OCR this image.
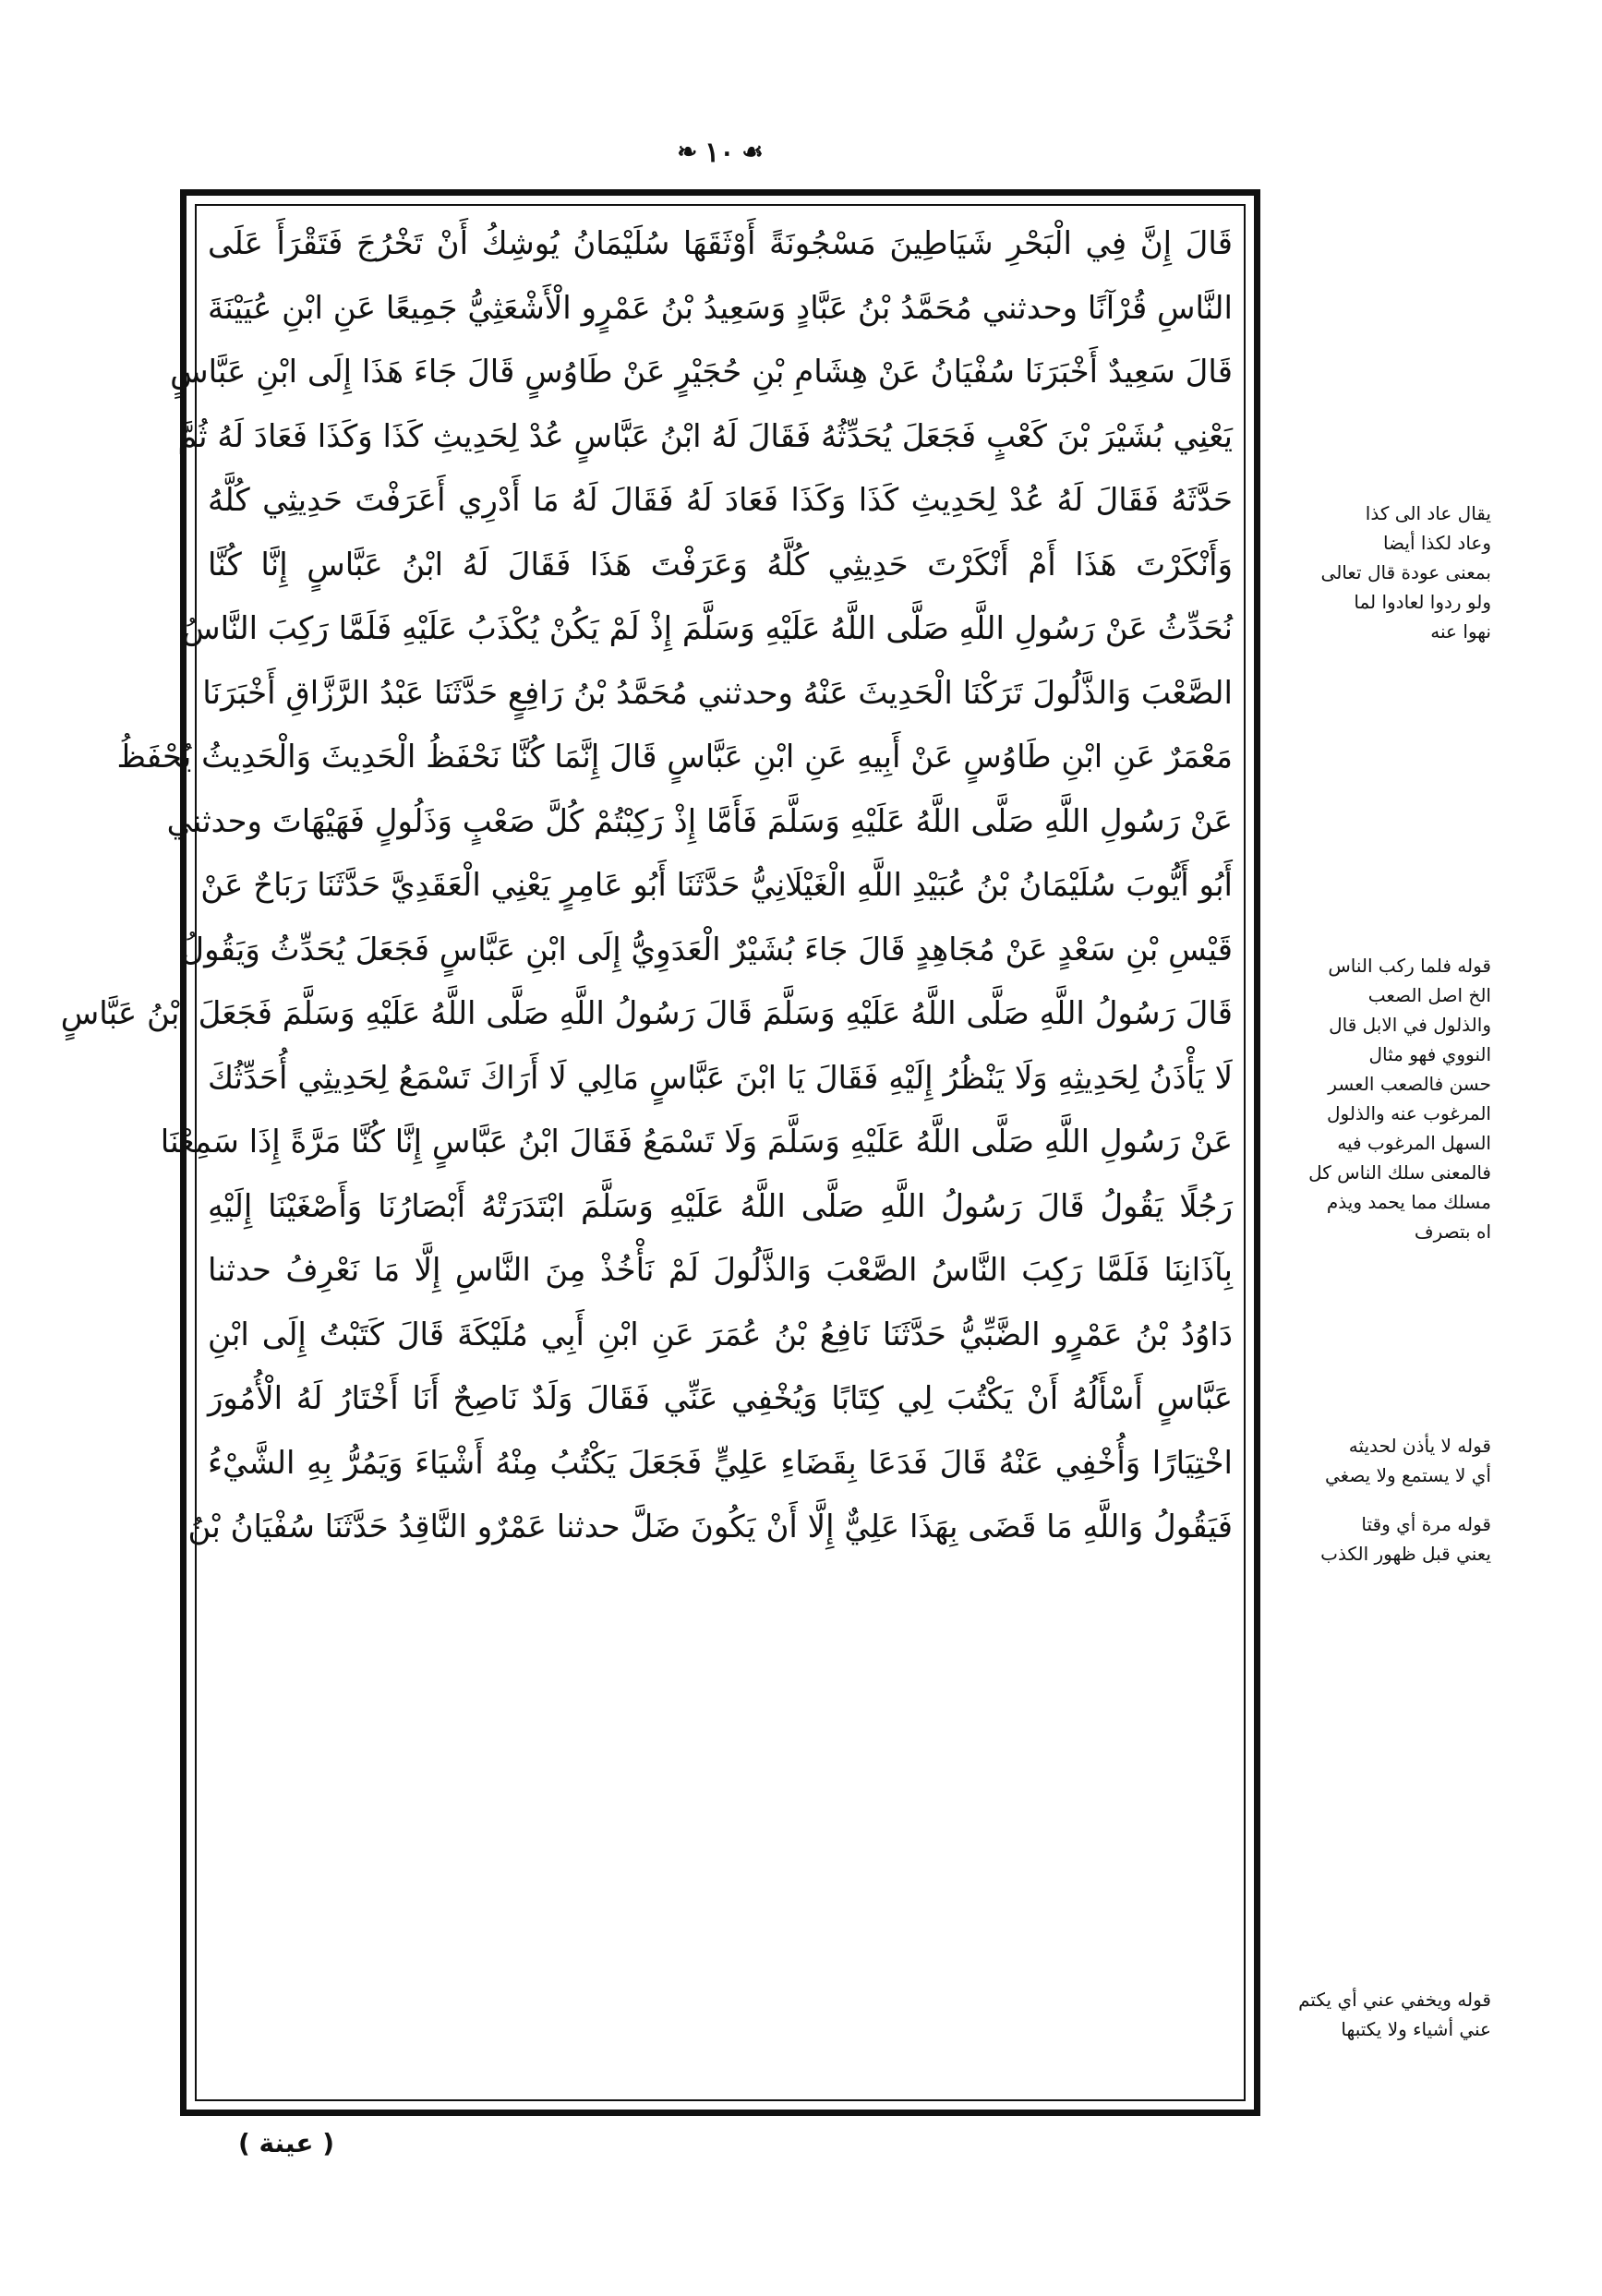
❧ ١٠ ☙
قَالَ إِنَّ فِي الْبَحْرِ شَيَاطِينَ مَسْجُونَةً أَوْثَقَهَا سُلَيْمَانُ يُوشِكُ أَنْ تَخْرُجَ فَتَقْرَأَ عَلَى
النَّاسِ قُرْآنًا وحدثني مُحَمَّدُ بْنُ عَبَّادٍ وَسَعِيدُ بْنُ عَمْرٍو الْأَشْعَثِيُّ جَمِيعًا عَنِ ابْنِ عُيَيْنَةَ
قَالَ سَعِيدٌ أَخْبَرَنَا سُفْيَانُ عَنْ هِشَامِ بْنِ حُجَيْرٍ عَنْ طَاوُسٍ قَالَ جَاءَ هَذَا إِلَى ابْنِ عَبَّاسٍ
يَعْنِي بُشَيْرَ بْنَ كَعْبٍ فَجَعَلَ يُحَدِّثُهُ فَقَالَ لَهُ ابْنُ عَبَّاسٍ عُدْ لِحَدِيثِ كَذَا وَكَذَا فَعَادَ لَهُ ثُمَّ
حَدَّثَهُ فَقَالَ لَهُ عُدْ لِحَدِيثِ كَذَا وَكَذَا فَعَادَ لَهُ فَقَالَ لَهُ مَا أَدْرِي أَعَرَفْتَ حَدِيثِي كُلَّهُ
وَأَنْكَرْتَ هَذَا أَمْ أَنْكَرْتَ حَدِيثِي كُلَّهُ وَعَرَفْتَ هَذَا فَقَالَ لَهُ ابْنُ عَبَّاسٍ إِنَّا كُنَّا
نُحَدِّثُ عَنْ رَسُولِ اللَّهِ صَلَّى اللَّهُ عَلَيْهِ وَسَلَّمَ إِذْ لَمْ يَكُنْ يُكْذَبُ عَلَيْهِ فَلَمَّا رَكِبَ النَّاسُ
الصَّعْبَ وَالذَّلُولَ تَرَكْنَا الْحَدِيثَ عَنْهُ وحدثني مُحَمَّدُ بْنُ رَافِعٍ حَدَّثَنَا عَبْدُ الرَّزَّاقِ أَخْبَرَنَا
مَعْمَرٌ عَنِ ابْنِ طَاوُسٍ عَنْ أَبِيهِ عَنِ ابْنِ عَبَّاسٍ قَالَ إِنَّمَا كُنَّا نَحْفَظُ الْحَدِيثَ وَالْحَدِيثُ يُحْفَظُ
عَنْ رَسُولِ اللَّهِ صَلَّى اللَّهُ عَلَيْهِ وَسَلَّمَ فَأَمَّا إِذْ رَكِبْتُمْ كُلَّ صَعْبٍ وَذَلُولٍ فَهَيْهَاتَ وحدثني
أَبُو أَيُّوبَ سُلَيْمَانُ بْنُ عُبَيْدِ اللَّهِ الْغَيْلَانِيُّ حَدَّثَنَا أَبُو عَامِرٍ يَعْنِي الْعَقَدِيَّ حَدَّثَنَا رَبَاحٌ عَنْ
قَيْسِ بْنِ سَعْدٍ عَنْ مُجَاهِدٍ قَالَ جَاءَ بُشَيْرٌ الْعَدَوِيُّ إِلَى ابْنِ عَبَّاسٍ فَجَعَلَ يُحَدِّثُ وَيَقُولُ
قَالَ رَسُولُ اللَّهِ صَلَّى اللَّهُ عَلَيْهِ وَسَلَّمَ قَالَ رَسُولُ اللَّهِ صَلَّى اللَّهُ عَلَيْهِ وَسَلَّمَ فَجَعَلَ ابْنُ عَبَّاسٍ
لَا يَأْذَنُ لِحَدِيثِهِ وَلَا يَنْظُرُ إِلَيْهِ فَقَالَ يَا ابْنَ عَبَّاسٍ مَالِي لَا أَرَاكَ تَسْمَعُ لِحَدِيثِي أُحَدِّثُكَ
عَنْ رَسُولِ اللَّهِ صَلَّى اللَّهُ عَلَيْهِ وَسَلَّمَ وَلَا تَسْمَعُ فَقَالَ ابْنُ عَبَّاسٍ إِنَّا كُنَّا مَرَّةً إِذَا سَمِعْنَا
رَجُلًا يَقُولُ قَالَ رَسُولُ اللَّهِ صَلَّى اللَّهُ عَلَيْهِ وَسَلَّمَ ابْتَدَرَتْهُ أَبْصَارُنَا وَأَصْغَيْنَا إِلَيْهِ
بِآذَانِنَا فَلَمَّا رَكِبَ النَّاسُ الصَّعْبَ وَالذَّلُولَ لَمْ نَأْخُذْ مِنَ النَّاسِ إِلَّا مَا نَعْرِفُ حدثنا
دَاوُدُ بْنُ عَمْرٍو الضَّبِّيُّ حَدَّثَنَا نَافِعُ بْنُ عُمَرَ عَنِ ابْنِ أَبِي مُلَيْكَةَ قَالَ كَتَبْتُ إِلَى ابْنِ
عَبَّاسٍ أَسْأَلُهُ أَنْ يَكْتُبَ لِي كِتَابًا وَيُخْفِي عَنِّي فَقَالَ وَلَدٌ نَاصِحٌ أَنَا أَخْتَارُ لَهُ الْأُمُورَ
اخْتِيَارًا وَأُخْفِي عَنْهُ قَالَ فَدَعَا بِقَضَاءِ عَلِيٍّ فَجَعَلَ يَكْتُبُ مِنْهُ أَشْيَاءَ وَيَمُرُّ بِهِ الشَّيْءُ
فَيَقُولُ وَاللَّهِ مَا قَضَى بِهَذَا عَلِيٌّ إِلَّا أَنْ يَكُونَ ضَلَّ حدثنا عَمْرٌو النَّاقِدُ حَدَّثَنَا سُفْيَانُ بْنُ

يقال عاد الى كذا

وعاد لكذا أيضا

بمعنى عودة قال تعالى

ولو ردوا لعادوا لما

نهوا عنه

قوله فلما ركب الناس

الخ اصل الصعب

والذلول في الابل قال

النووي فهو مثال

حسن فالصعب العسر

المرغوب عنه والذلول

السهل المرغوب فيه

فالمعنى سلك الناس كل

مسلك مما يحمد ويذم

اه بتصرف

قوله لا يأذن لحديثه

أي لا يستمع ولا يصغي

قوله مرة أي وقتا

يعني قبل ظهور الكذب

قوله ويخفي عني أي يكتم

عني أشياء ولا يكتبها

( عينة )
